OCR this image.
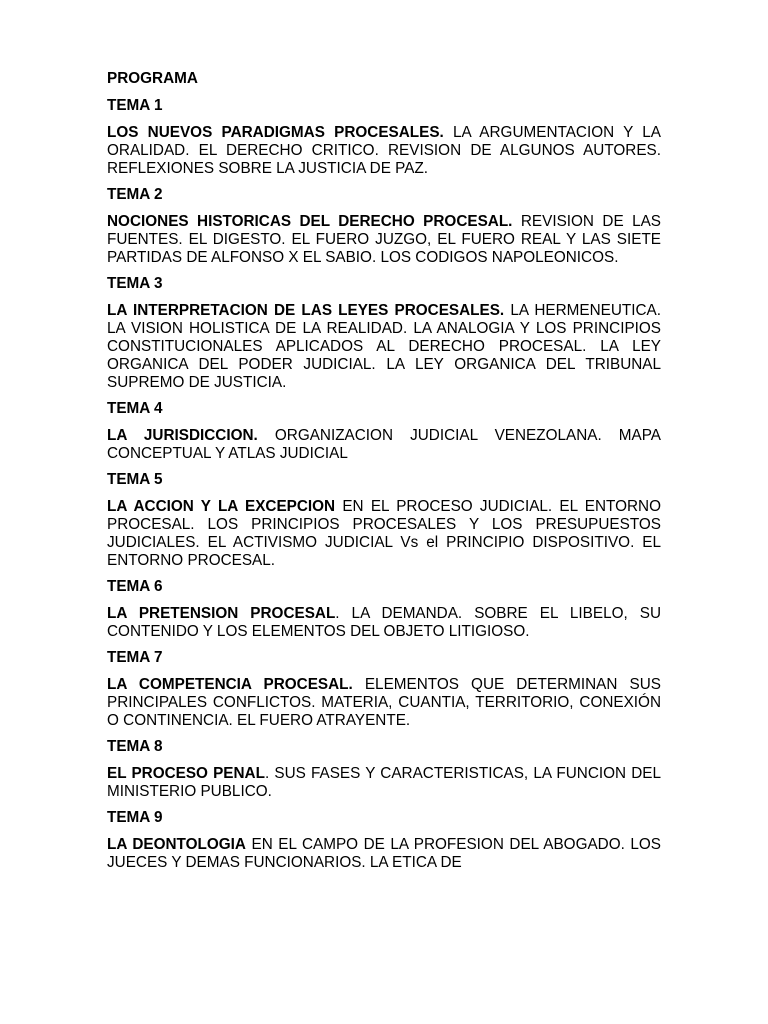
PROGRAMA

TEMA 1

LOS NUEVOS PARADIGMAS PROCESALES. LA ARGUMENTACION Y LA ORALIDAD. EL DERECHO CRITICO. REVISION DE ALGUNOS AUTORES. REFLEXIONES SOBRE LA JUSTICIA DE PAZ.

TEMA 2

NOCIONES HISTORICAS DEL DERECHO PROCESAL. REVISION DE LAS FUENTES. EL DIGESTO. EL FUERO JUZGO, EL FUERO REAL Y LAS SIETE PARTIDAS DE ALFONSO X EL SABIO. LOS CODIGOS NAPOLEONICOS.

TEMA 3

LA INTERPRETACION DE LAS LEYES PROCESALES. LA HERMENEUTICA. LA VISION HOLISTICA DE LA REALIDAD. LA ANALOGIA Y LOS PRINCIPIOS CONSTITUCIONALES APLICADOS AL DERECHO PROCESAL. LA LEY ORGANICA DEL PODER JUDICIAL. LA LEY ORGANICA DEL TRIBUNAL SUPREMO DE JUSTICIA.

TEMA 4

LA JURISDICCION. ORGANIZACION JUDICIAL VENEZOLANA. MAPA CONCEPTUAL Y ATLAS JUDICIAL

TEMA 5

LA ACCION Y LA EXCEPCION EN EL PROCESO JUDICIAL. EL ENTORNO PROCESAL. LOS PRINCIPIOS PROCESALES Y LOS PRESUPUESTOS JUDICIALES. EL ACTIVISMO JUDICIAL Vs el PRINCIPIO DISPOSITIVO. EL ENTORNO PROCESAL.

TEMA 6

LA PRETENSION PROCESAL. LA DEMANDA. SOBRE EL LIBELO, SU CONTENIDO Y LOS ELEMENTOS DEL OBJETO LITIGIOSO.

TEMA 7

LA COMPETENCIA PROCESAL. ELEMENTOS QUE DETERMINAN SUS PRINCIPALES CONFLICTOS. MATERIA, CUANTIA, TERRITORIO, CONEXIÓN O CONTINENCIA. EL FUERO ATRAYENTE.

TEMA 8

EL PROCESO PENAL. SUS FASES Y CARACTERISTICAS, LA FUNCION DEL MINISTERIO PUBLICO.

TEMA 9

LA DEONTOLOGIA EN EL CAMPO DE LA PROFESION DEL ABOGADO. LOS JUECES Y DEMAS FUNCIONARIOS. LA ETICA DE
